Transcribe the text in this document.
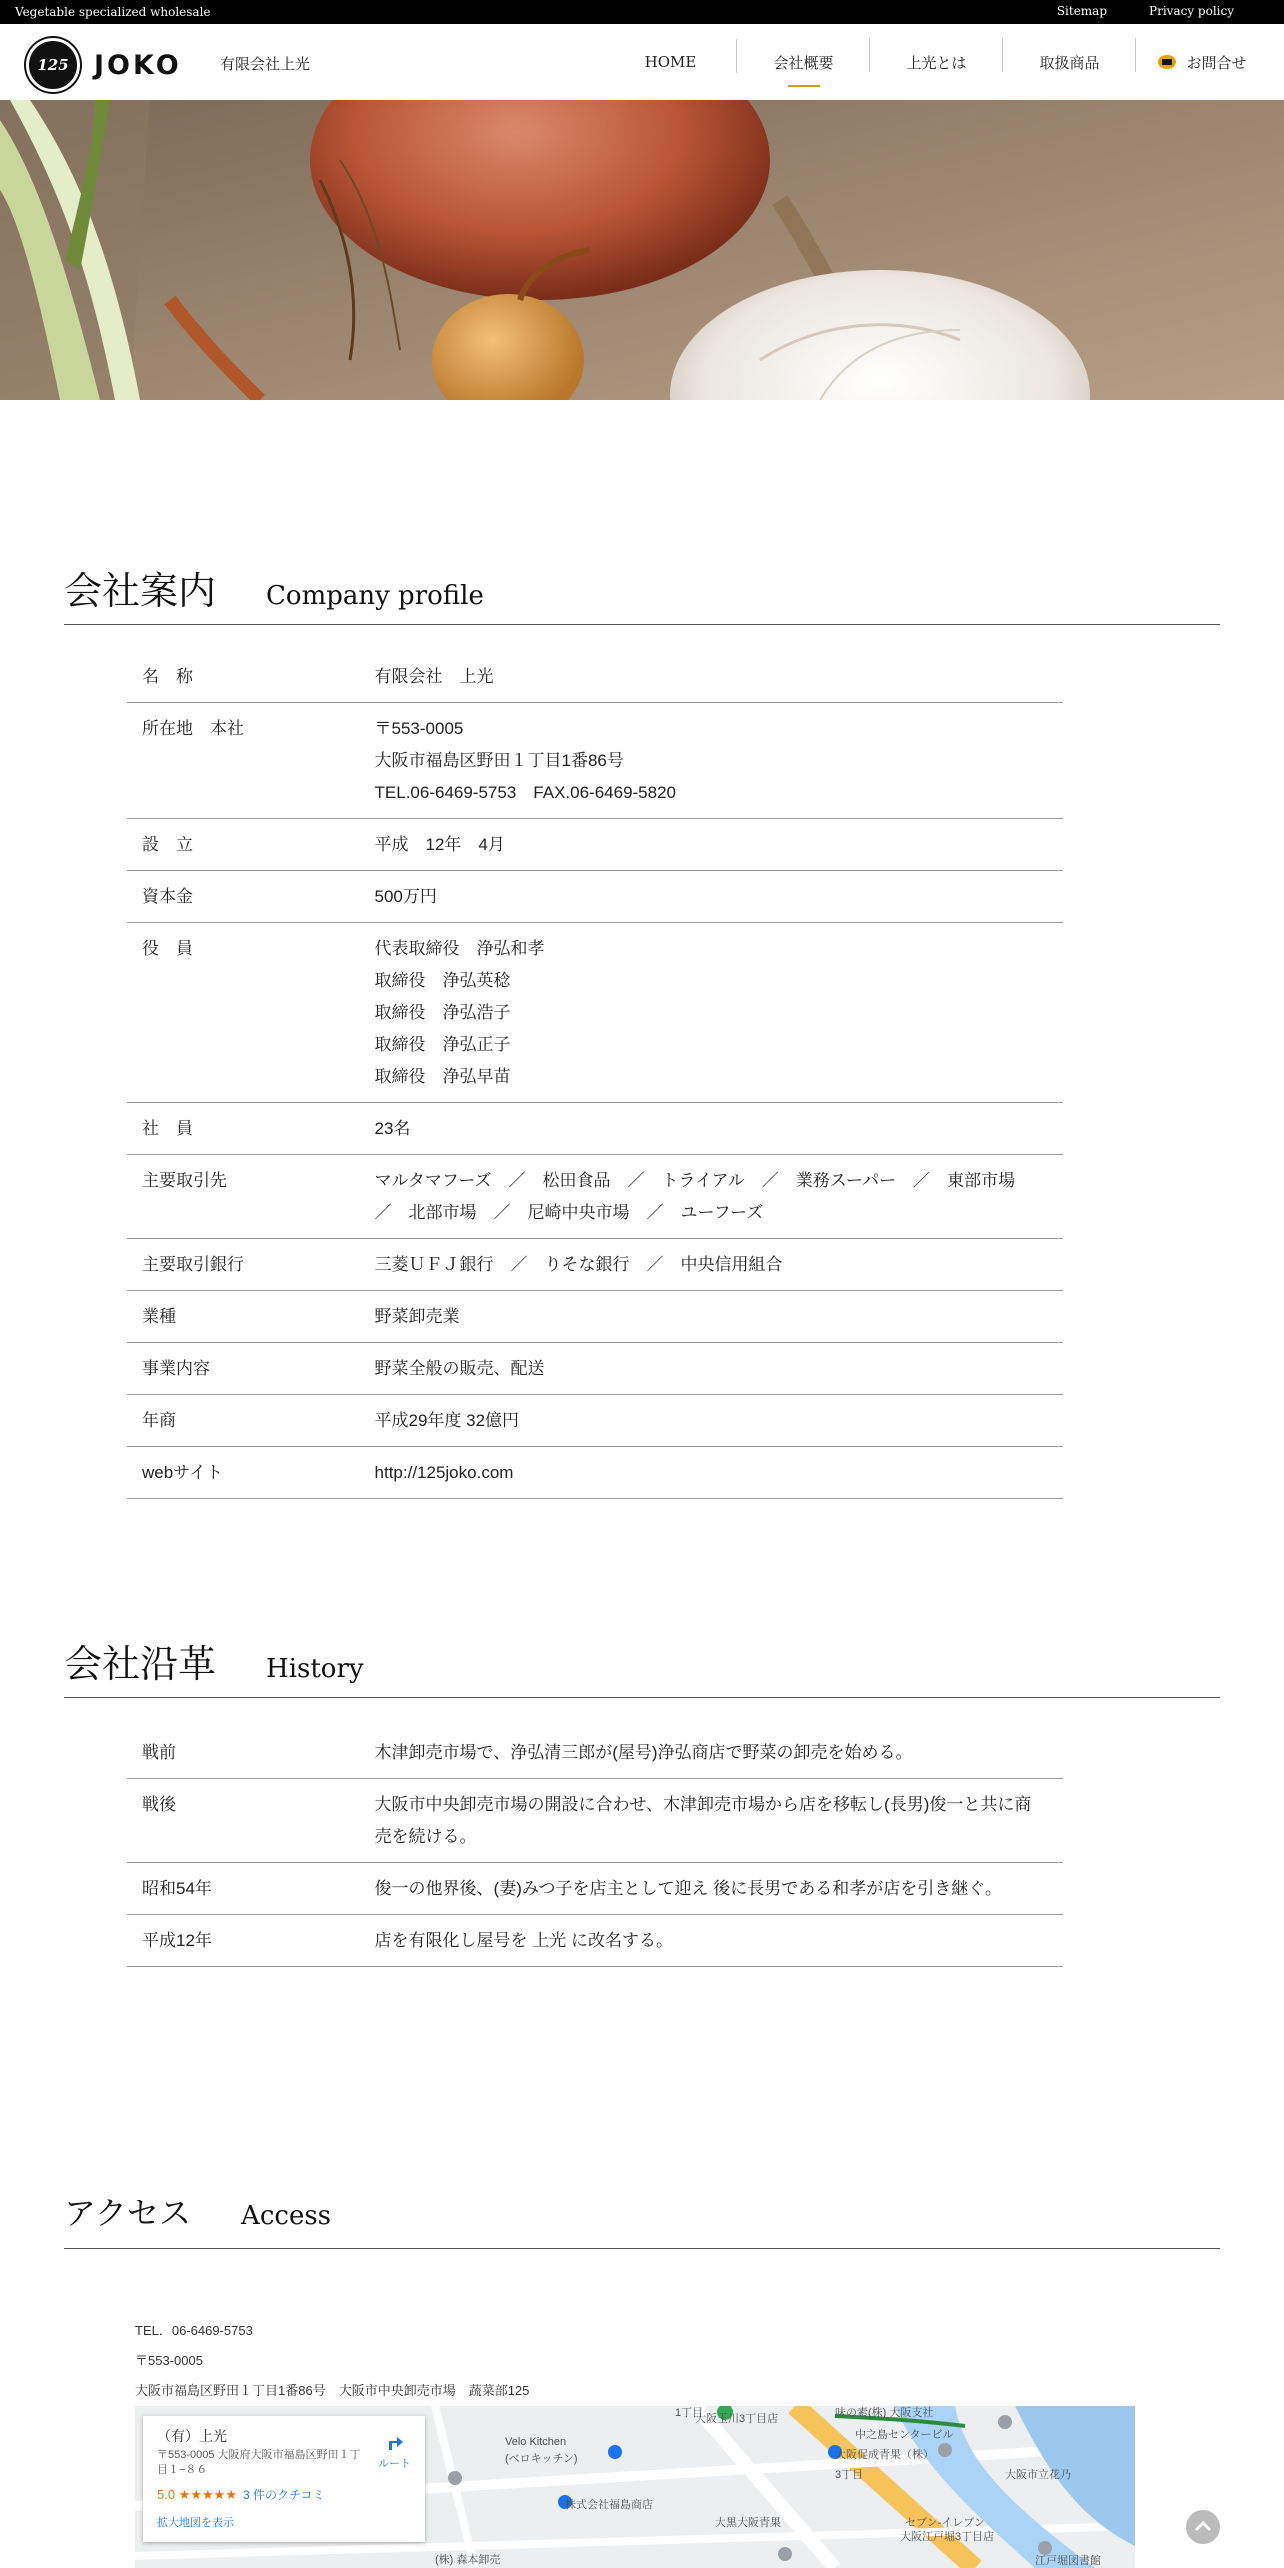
Vegetable specialized wholesale	Sitemap	Privacy policy
125 JOKO	有限会社上光	HOME	会社概要	上光とは	取扱商品	お問合せ
会社案内 Company profile
名　称	有限会社　上光

所在地　本社	〒553-0005
大阪市福島区野田１丁目1番86号
TEL.06-6469-5753　FAX.06-6469-5820

設　立	平成　12年　4月

資本金	500万円

役　員	代表取締役　浄弘和孝
取締役　浄弘英稔
取締役　浄弘浩子
取締役　浄弘正子
取締役　浄弘早苗

社　員	23名

主要取引先	マルタマフーズ　／　松田食品　／　トライアル　／　業務スーパー　／　東部市場　／　北部市場　／　尼崎中央市場　／　ユーフーズ

主要取引銀行	三菱ＵＦＪ銀行　／　りそな銀行　／　中央信用組合

業種	野菜卸売業

事業内容	野菜全般の販売、配送

年商	平成29年度 32億円

webサイト	http://125joko.com
会社沿革 History
戦前	木津卸売市場で、浄弘清三郎が(屋号)浄弘商店で野菜の卸売を始める。

戦後	大阪市中央卸売市場の開設に合わせ、木津卸売市場から店を移転し(長男)俊一と共に商売を続ける。

昭和54年	俊一の他界後、(妻)みつ子を店主として迎え 後に長男である和孝が店を引き継ぐ。

平成12年	店を有限化し屋号を 上光 に改名する。
アクセス Access
TEL．06-6469-5753
〒553-0005
大阪市福島区野田１丁目1番86号　大阪市中央卸売市場　蔬菜部125
大阪玉川3丁目店	味の素(株) 大阪支社
中之島センタービル
大阪促成青果（株）
Velo Kitchen
(ベロキッチン)
株式会社福島商店
大阪市立花乃
セブン-イレブン
大阪江戸堀3丁目店
大黒大阪青果
江戸堀図書館
3丁目
1丁目
(株) 森本卸売
（有）上光
〒553-0005 大阪府大阪市福島区野田１丁目１−８６
5.0 ★★★★★ 3 件のクチコミ
拡大地図を表示
ルート
